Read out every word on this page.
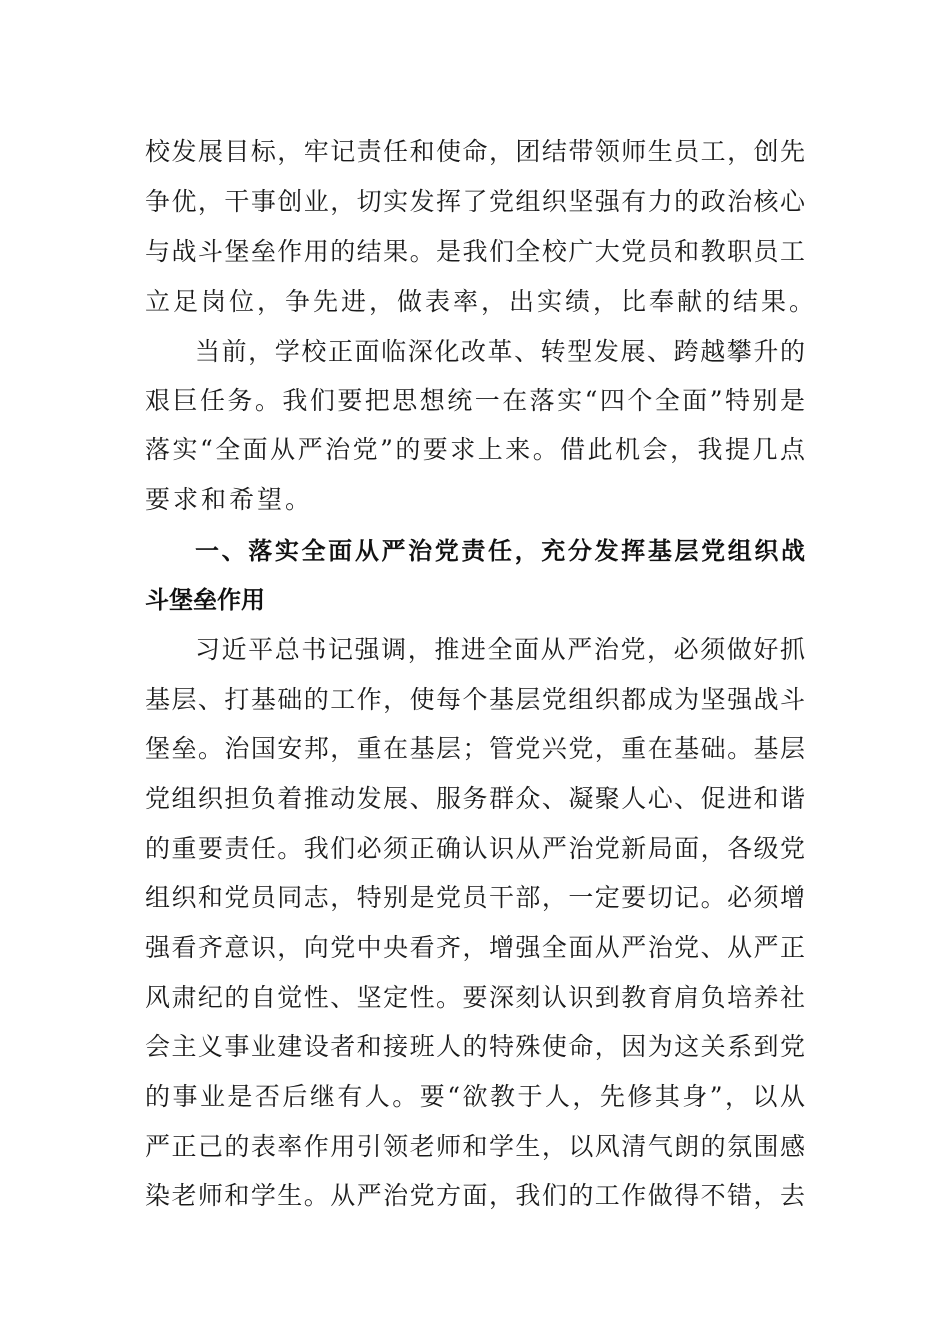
校发展目标，牢记责任和使命，团结带领师生员工，创先
争优，干事创业，切实发挥了党组织坚强有力的政治核心
与战斗堡垒作用的结果。是我们全校广大党员和教职员工
立足岗位，争先进，做表率，出实绩，比奉献的结果。
当前，学校正面临深化改革、转型发展、跨越攀升的
艰巨任务。我们要把思想统一在落实“四个全面”特别是
落实“全面从严治党”的要求上来。借此机会，我提几点
要求和希望。
一、落实全面从严治党责任，充分发挥基层党组织战
斗堡垒作用
习近平总书记强调，推进全面从严治党，必须做好抓
基层、打基础的工作，使每个基层党组织都成为坚强战斗
堡垒。治国安邦，重在基层；管党兴党，重在基础。基层
党组织担负着推动发展、服务群众、凝聚人心、促进和谐
的重要责任。我们必须正确认识从严治党新局面，各级党
组织和党员同志，特别是党员干部，一定要切记。必须增
强看齐意识，向党中央看齐，增强全面从严治党、从严正
风肃纪的自觉性、坚定性。要深刻认识到教育肩负培养社
会主义事业建设者和接班人的特殊使命，因为这关系到党
的事业是否后继有人。要“欲教于人，先修其身”，以从
严正己的表率作用引领老师和学生，以风清气朗的氛围感
染老师和学生。从严治党方面，我们的工作做得不错，去
